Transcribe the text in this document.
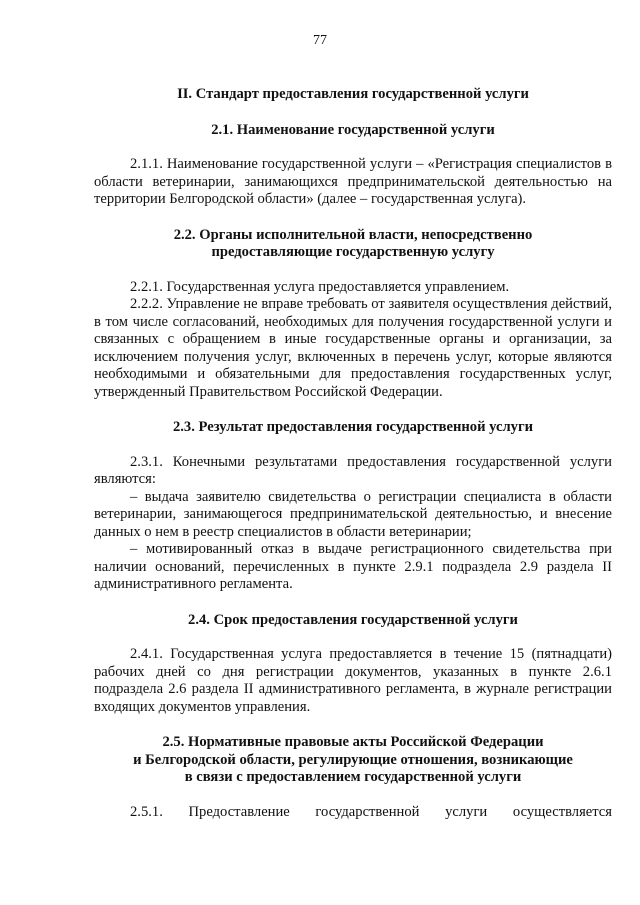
77
II. Стандарт предоставления государственной услуги
2.1. Наименование государственной услуги

2.1.1. Наименование государственной услуги – «Регистрация специалистов в области ветеринарии, занимающихся предпринимательской деятельностью на территории Белгородской области» (далее – государственная услуга).

2.2. Органы исполнительной власти, непосредственно
предоставляющие государственную услугу

2.2.1. Государственная услуга предоставляется управлением.

2.2.2. Управление не вправе требовать от заявителя осуществления действий, в том числе согласований, необходимых для получения государственной услуги и связанных с обращением в иные государственные органы и организации, за исключением получения услуг, включенных в перечень услуг, которые являются необходимыми и обязательными для предоставления государственных услуг, утвержденный Правительством Российской Федерации.

2.3. Результат предоставления государственной услуги

2.3.1. Конечными результатами предоставления государственной услуги являются:

– выдача заявителю свидетельства о регистрации специалиста в области ветеринарии, занимающегося предпринимательской деятельностью, и внесение данных о нем в реестр специалистов в области ветеринарии;

– мотивированный отказ в выдаче регистрационного свидетельства при наличии оснований, перечисленных в пункте 2.9.1 подраздела 2.9 раздела II административного регламента.

2.4. Срок предоставления государственной услуги

2.4.1. Государственная услуга предоставляется в течение 15 (пятнадцати) рабочих дней со дня регистрации документов, указанных в пункте 2.6.1 подраздела 2.6 раздела II административного регламента, в журнале регистрации входящих документов управления.

2.5. Нормативные правовые акты Российской Федерации
и Белгородской области, регулирующие отношения, возникающие
в связи с предоставлением государственной услуги

2.5.1. Предоставление государственной услуги осуществляется
